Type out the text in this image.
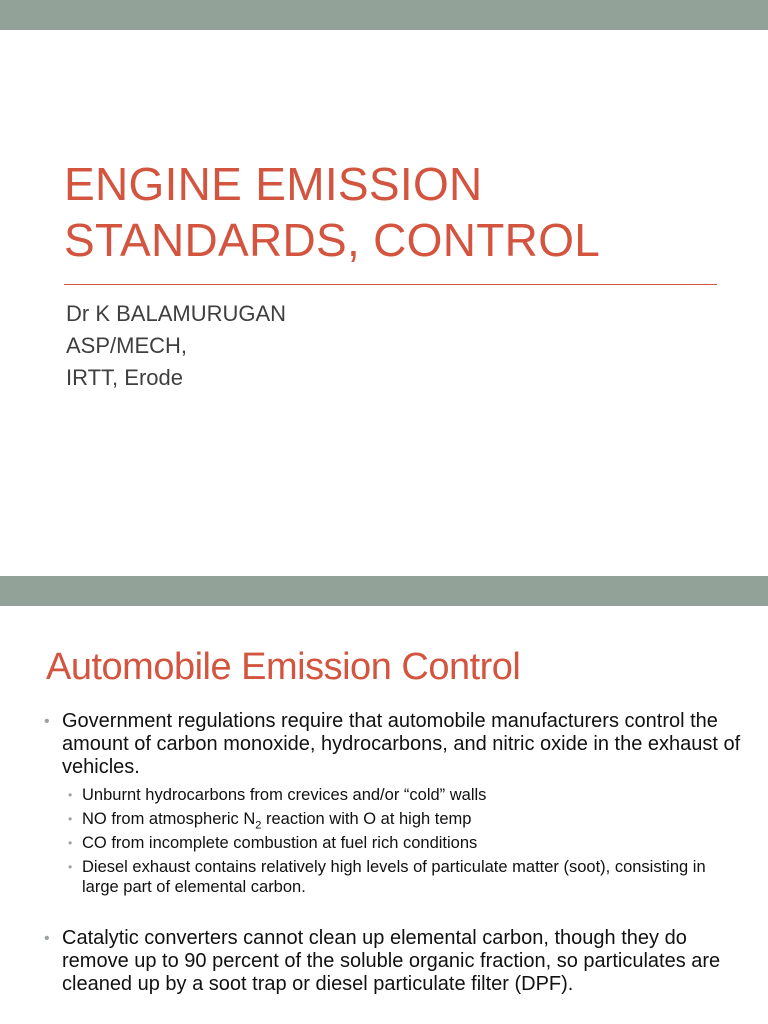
ENGINE EMISSION
STANDARDS, CONTROL
Dr K BALAMURUGAN
ASP/MECH,
IRTT, Erode
Automobile Emission Control

• Government regulations require that automobile manufacturers control the amount of carbon monoxide, hydrocarbons, and nitric oxide in the exhaust of vehicles.

• Unburnt hydrocarbons from crevices and/or “cold” walls

• NO from atmospheric $N_2$ reaction with O at high temp

• CO from incomplete combustion at fuel rich conditions

• Diesel exhaust contains relatively high levels of particulate matter (soot), consisting in large part of elemental carbon.

• Catalytic converters cannot clean up elemental carbon, though they do remove up to 90 percent of the soluble organic fraction, so particulates are cleaned up by a soot trap or diesel particulate filter (DPF).
